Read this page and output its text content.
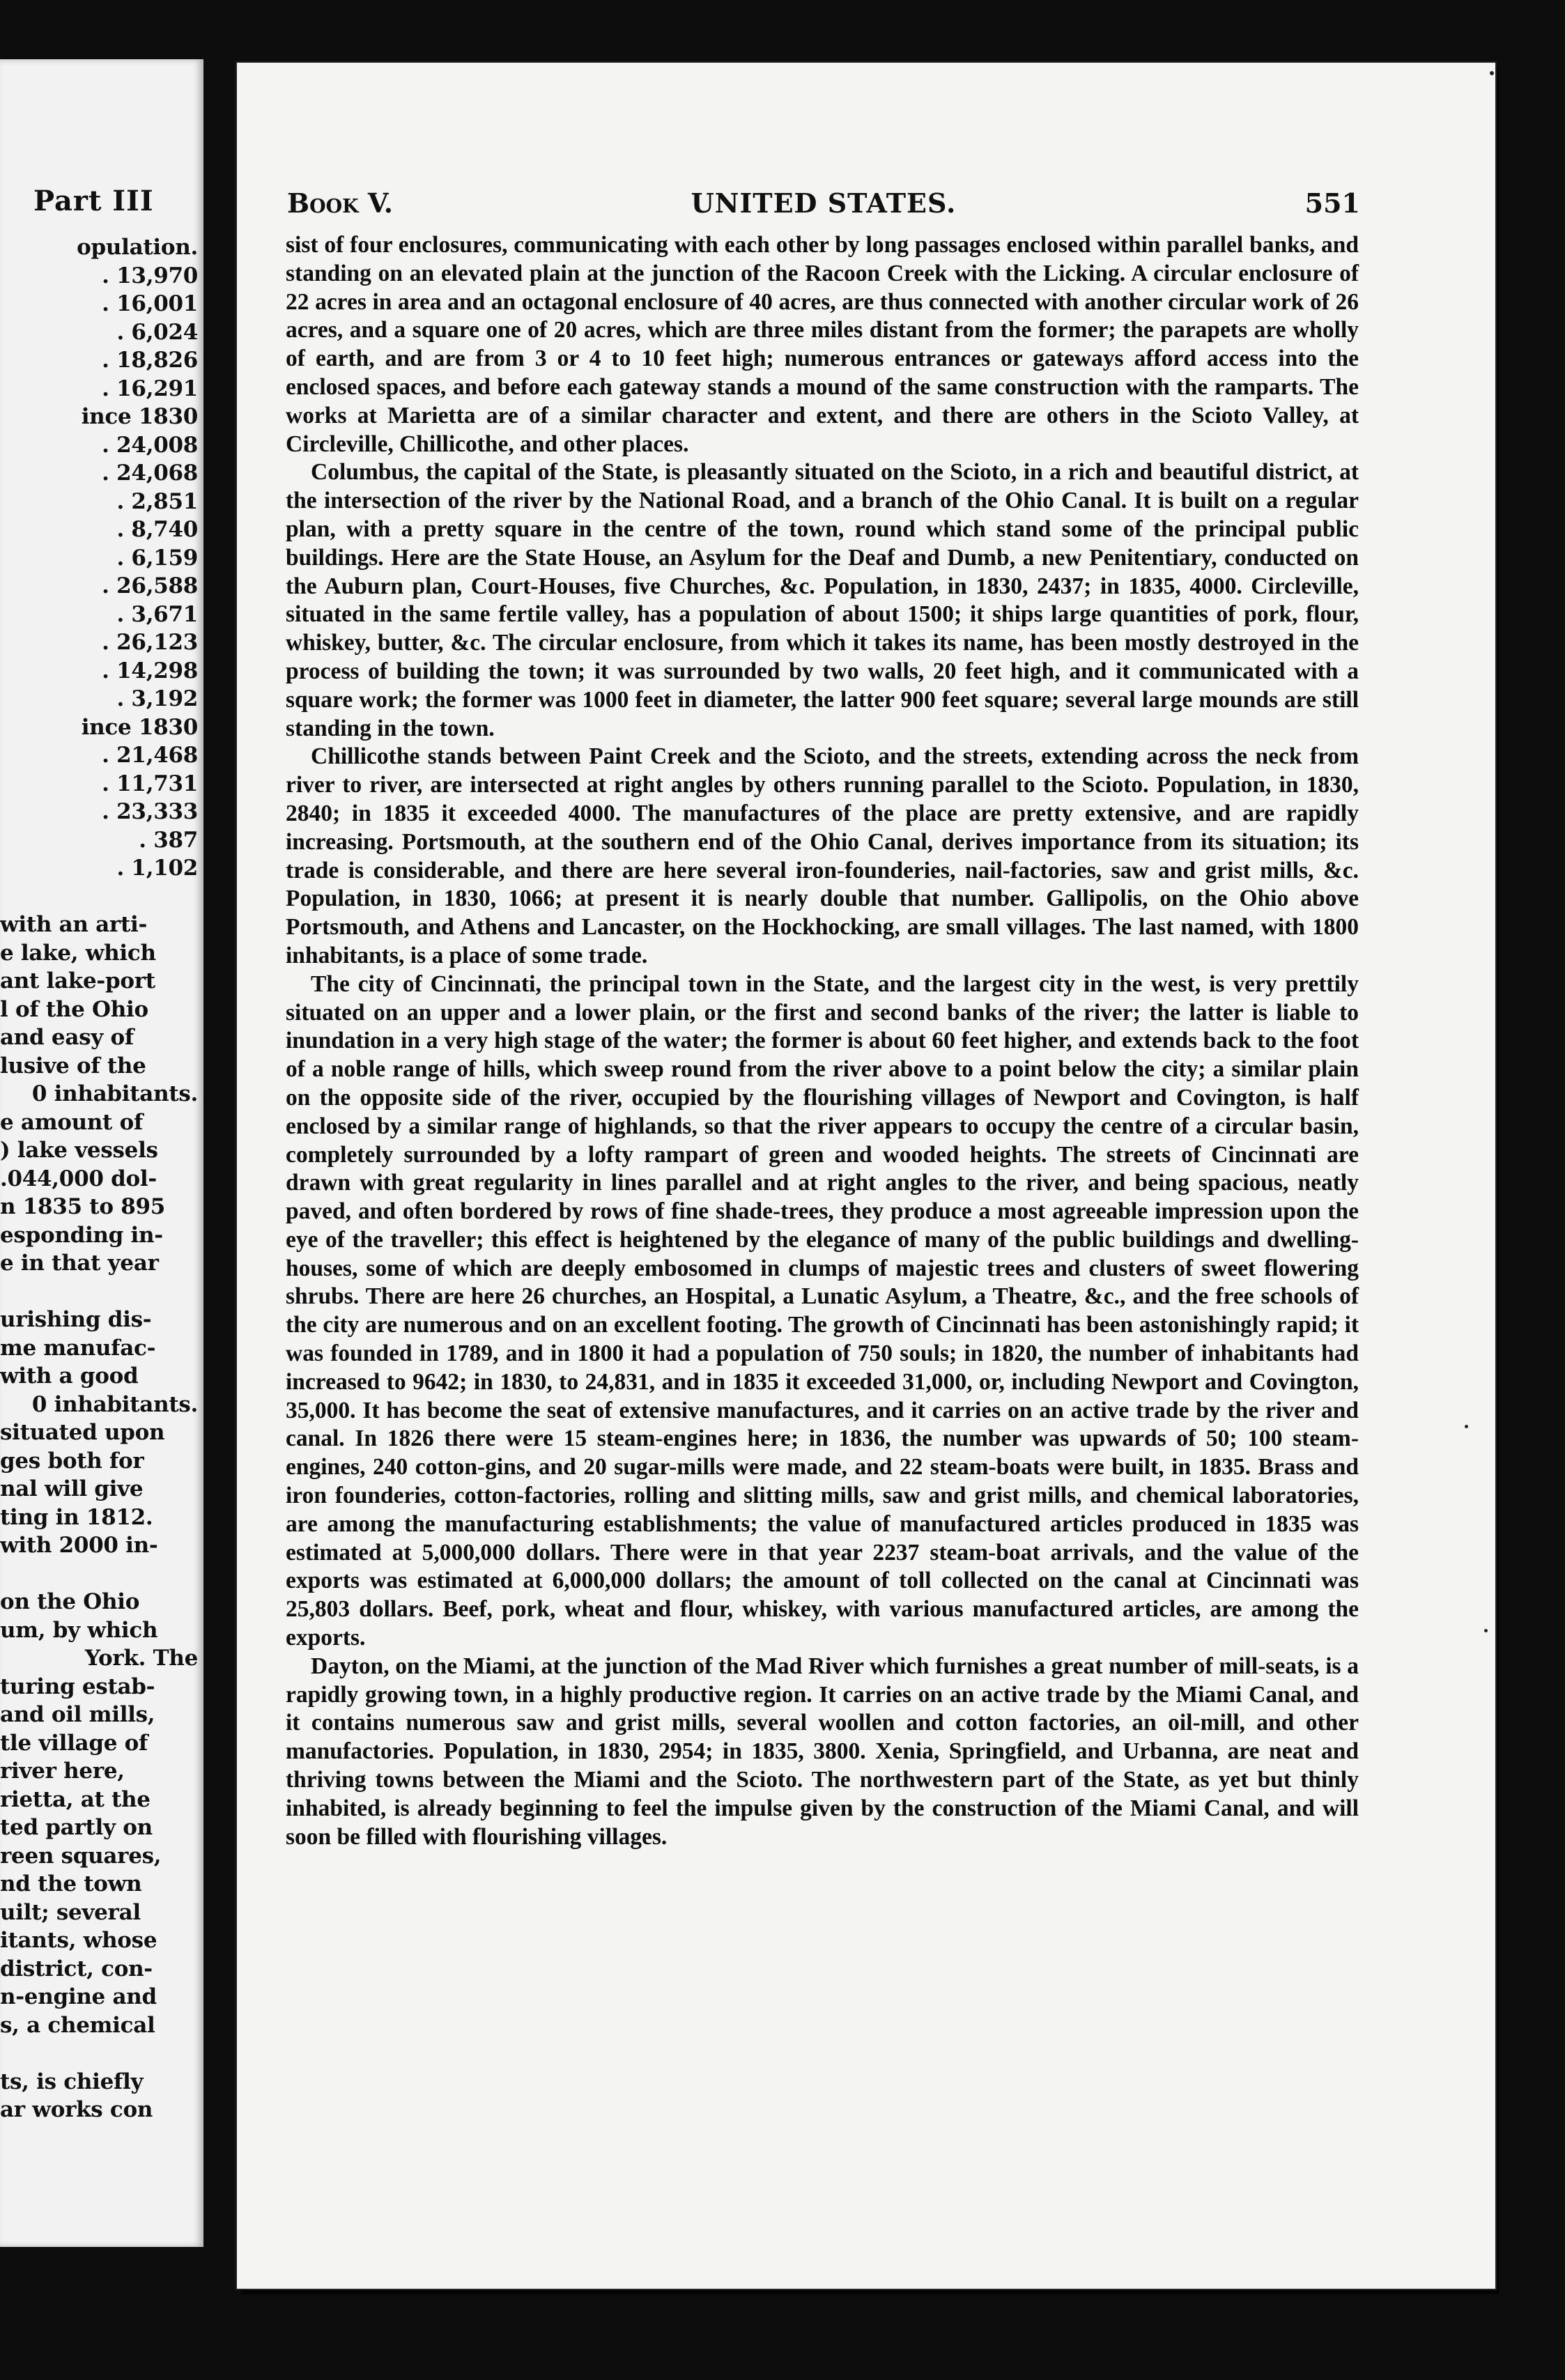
Part III
opulation.
. 13,970
. 16,001
. 6,024
. 18,826
. 16,291
ince 1830
. 24,008
. 24,068
. 2,851
. 8,740
. 6,159
. 26,588
. 3,671
. 26,123
. 14,298
. 3,192
ince 1830
. 21,468
. 11,731
. 23,333
. 387
. 1,102
with an arti-
e lake, which
ant lake-port
l of the Ohio
and easy of
lusive of the
0 inhabitants.
e amount of
) lake vessels
.044,000 dol-
n 1835 to 895
esponding in-
e in that year
urishing dis-
me manufac-
with a good
0 inhabitants.
situated upon
ges both for
nal will give
ting in 1812.
with 2000 in-
on the Ohio
um, by which
York. The
turing estab-
and oil mills,
tle village of
river here,
rietta, at the
ted partly on
reen squares,
nd the town
uilt; several
itants, whose
district, con-
n-engine and
s, a chemical
ts, is chiefly
ar works con
Book V.	UNITED STATES.	551

sist of four enclosures, communicating with each other by long passages enclosed within parallel banks, and standing on an elevated plain at the junction of the Racoon Creek with the Licking. A circular enclosure of 22 acres in area and an octagonal enclosure of 40 acres, are thus connected with another circular work of 26 acres, and a square one of 20 acres, which are three miles distant from the former; the parapets are wholly of earth, and are from 3 or 4 to 10 feet high; numerous entrances or gateways afford access into the enclosed spaces, and before each gateway stands a mound of the same construction with the ramparts. The works at Marietta are of a similar character and extent, and there are others in the Scioto Valley, at Circleville, Chillicothe, and other places.

Columbus, the capital of the State, is pleasantly situated on the Scioto, in a rich and beautiful district, at the intersection of the river by the National Road, and a branch of the Ohio Canal. It is built on a regular plan, with a pretty square in the centre of the town, round which stand some of the principal public buildings. Here are the State House, an Asylum for the Deaf and Dumb, a new Penitentiary, conducted on the Auburn plan, Court-Houses, five Churches, &c. Population, in 1830, 2437; in 1835, 4000. Circleville, situated in the same fertile valley, has a population of about 1500; it ships large quantities of pork, flour, whiskey, butter, &c. The circular enclosure, from which it takes its name, has been mostly destroyed in the process of building the town; it was surrounded by two walls, 20 feet high, and it communicated with a square work; the former was 1000 feet in diameter, the latter 900 feet square; several large mounds are still standing in the town.

Chillicothe stands between Paint Creek and the Scioto, and the streets, extending across the neck from river to river, are intersected at right angles by others running parallel to the Scioto. Population, in 1830, 2840; in 1835 it exceeded 4000. The manufactures of the place are pretty extensive, and are rapidly increasing. Portsmouth, at the southern end of the Ohio Canal, derives importance from its situation; its trade is considerable, and there are here several iron-founderies, nail-factories, saw and grist mills, &c. Population, in 1830, 1066; at present it is nearly double that number. Gallipolis, on the Ohio above Portsmouth, and Athens and Lancaster, on the Hockhocking, are small villages. The last named, with 1800 inhabitants, is a place of some trade.

The city of Cincinnati, the principal town in the State, and the largest city in the west, is very prettily situated on an upper and a lower plain, or the first and second banks of the river; the latter is liable to inundation in a very high stage of the water; the former is about 60 feet higher, and extends back to the foot of a noble range of hills, which sweep round from the river above to a point below the city; a similar plain on the opposite side of the river, occupied by the flourishing villages of Newport and Covington, is half enclosed by a similar range of highlands, so that the river appears to occupy the centre of a circular basin, completely surrounded by a lofty rampart of green and wooded heights. The streets of Cincinnati are drawn with great regularity in lines parallel and at right angles to the river, and being spacious, neatly paved, and often bordered by rows of fine shade-trees, they produce a most agreeable impression upon the eye of the traveller; this effect is heightened by the elegance of many of the public buildings and dwelling-houses, some of which are deeply embosomed in clumps of majestic trees and clusters of sweet flowering shrubs. There are here 26 churches, an Hospital, a Lunatic Asylum, a Theatre, &c., and the free schools of the city are numerous and on an excellent footing. The growth of Cincinnati has been astonishingly rapid; it was founded in 1789, and in 1800 it had a population of 750 souls; in 1820, the number of inhabitants had increased to 9642; in 1830, to 24,831, and in 1835 it exceeded 31,000, or, including Newport and Covington, 35,000. It has become the seat of extensive manufactures, and it carries on an active trade by the river and canal. In 1826 there were 15 steam-engines here; in 1836, the number was upwards of 50; 100 steam-engines, 240 cotton-gins, and 20 sugar-mills were made, and 22 steam-boats were built, in 1835. Brass and iron founderies, cotton-factories, rolling and slitting mills, saw and grist mills, and chemical laboratories, are among the manufacturing establishments; the value of manufactured articles produced in 1835 was estimated at 5,000,000 dollars. There were in that year 2237 steam-boat arrivals, and the value of the exports was estimated at 6,000,000 dollars; the amount of toll collected on the canal at Cincinnati was 25,803 dollars. Beef, pork, wheat and flour, whiskey, with various manufactured articles, are among the exports.

Dayton, on the Miami, at the junction of the Mad River which furnishes a great number of mill-seats, is a rapidly growing town, in a highly productive region. It carries on an active trade by the Miami Canal, and it contains numerous saw and grist mills, several woollen and cotton factories, an oil-mill, and other manufactories. Population, in 1830, 2954; in 1835, 3800. Xenia, Springfield, and Urbanna, are neat and thriving towns between the Miami and the Scioto. The northwestern part of the State, as yet but thinly inhabited, is already beginning to feel the impulse given by the construction of the Miami Canal, and will soon be filled with flourishing villages.
